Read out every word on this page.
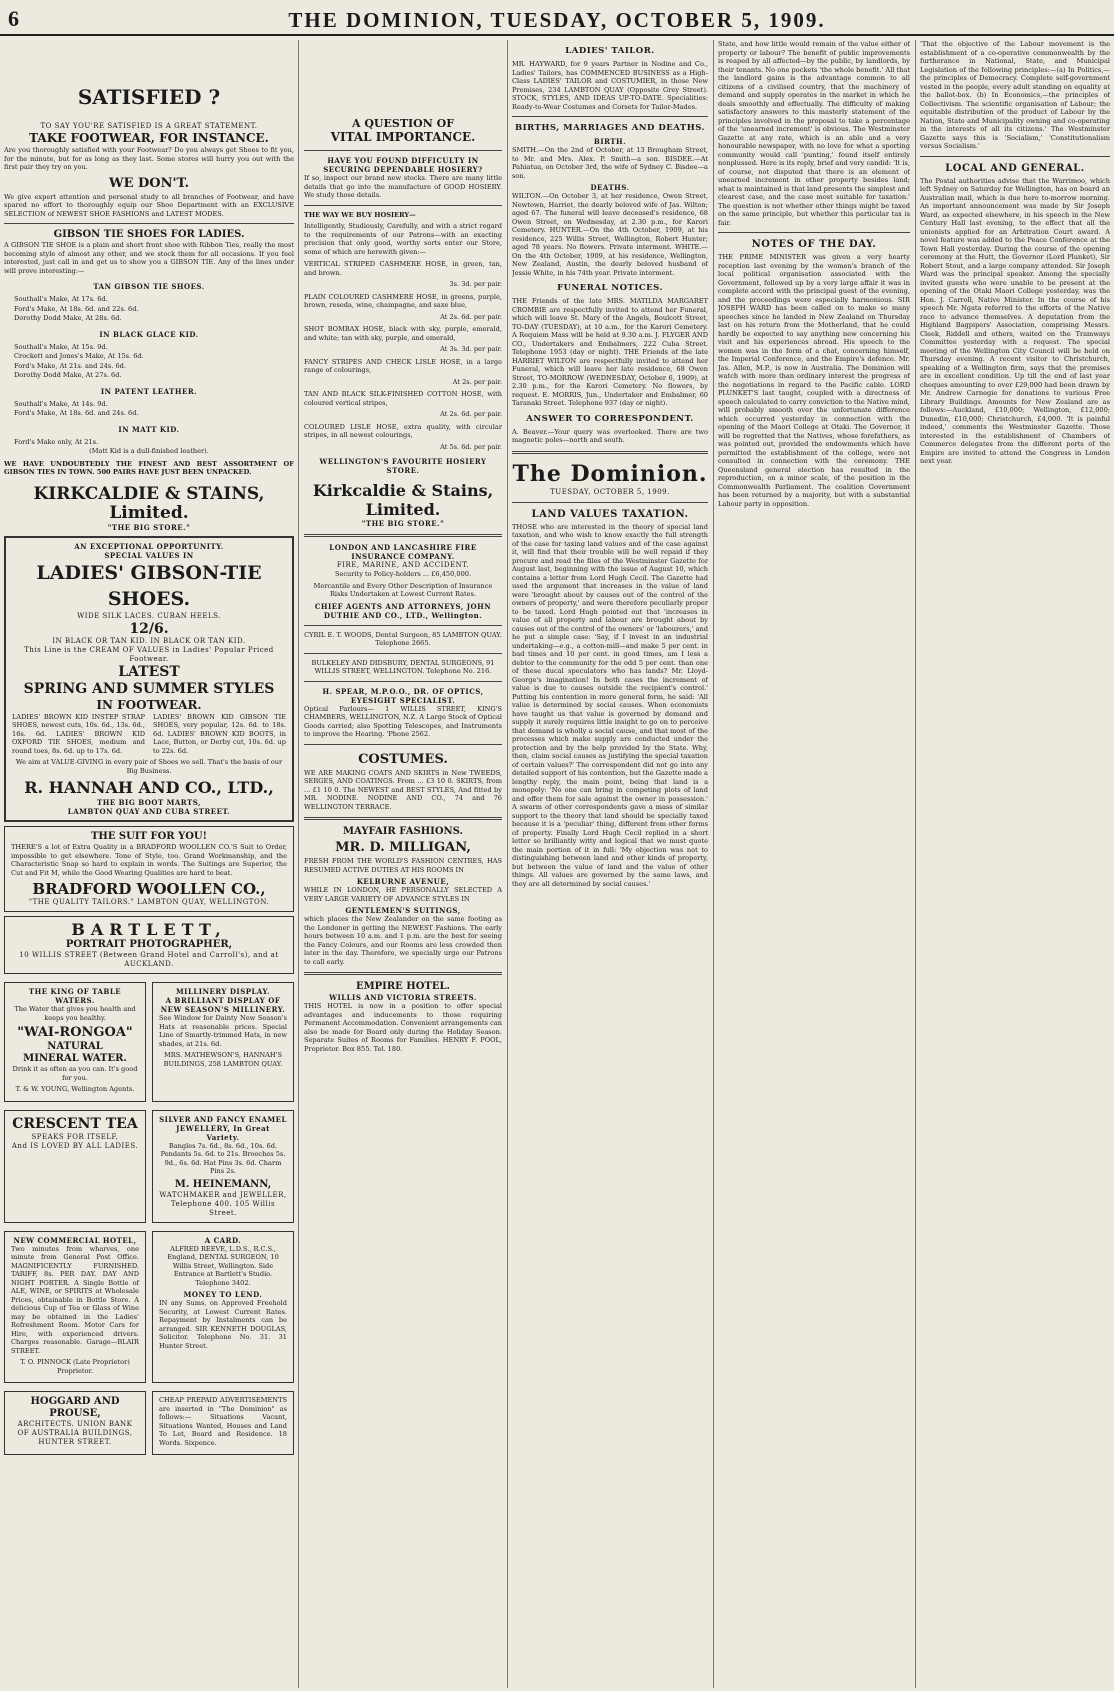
6	THE DOMINION, TUESDAY, OCTOBER 5, 1909.
SATISFIED ?
TO SAY YOU'RE SATISFIED IS A GREAT STATEMENT.
TAKE FOOTWEAR, FOR INSTANCE.

Are you thoroughly satisfied with your Footwear? Do you always get Shoes to fit you, for the minute, but for as long as they last. Some stores will hurry you out with the first pair they try on you.

WE DON'T.

We give expert attention and personal study to all branches of Footwear, and have spared no effort to thoroughly equip our Shoe Department with an EXCLUSIVE SELECTION of NEWEST SHOE FASHIONS and LATEST MODES.

GIBSON TIE SHOES FOR LADIES.

A GIBSON TIE SHOE is a plain and short front shoe with Ribbon Ties, really the most becoming style of almost any other, and we stock them for all occasions. If you feel interested, just call in and get us to show you a GIBSON TIE. Any of the lines under will prove interesting:—

TAN GIBSON TIE SHOES.
Southall's Make, At 17s. 6d.
Ford's Make, At 18s. 6d. and 22s. 6d.
Dorothy Dodd Make, At 28s. 6d.
IN BLACK GLACE KID.
Southall's Make, At 15s. 9d.
Crockett and Jones's Make, At 15s. 6d.
Ford's Make, At 21s. and 24s. 6d.
Dorothy Dodd Make, At 27s. 6d.
IN PATENT LEATHER.
Southall's Make, At 14s. 9d.
Ford's Make, At 18s. 6d. and 24s. 6d.
IN MATT KID.
Ford's Make only, At 21s.
(Matt Kid is a dull-finished leather).

WE HAVE UNDOUBTEDLY THE FINEST AND BEST ASSORTMENT OF GIBSON TIES IN TOWN. 500 PAIRS HAVE JUST BEEN UNPACKED.

KIRKCALDIE & STAINS, Limited.
"THE BIG STORE."
AN EXCEPTIONAL OPPORTUNITY.
SPECIAL VALUES IN
LADIES' GIBSON-TIE SHOES.
WIDE SILK LACES. CUBAN HEELS.
12/6.
IN BLACK OR TAN KID. IN BLACK OR TAN KID.
This Line is the CREAM OF VALUES in Ladies' Popular Priced Footwear.
LATEST
SPRING AND SUMMER STYLES
IN FOOTWEAR.

LADIES' BROWN KID INSTEP STRAP SHOES, newest cuts, 10s. 6d., 13s. 6d., 16s. 6d. LADIES' BROWN KID OXFORD TIE SHOES, medium and round toes, 8s. 6d. up to 17s. 6d.

LADIES' BROWN KID GIBSON TIE SHOES, very popular, 12s. 6d. to 18s. 6d. LADIES' BROWN KID BOOTS, in Lace, Button, or Derby cut, 10s. 6d. up to 22s. 6d.

We aim at VALUE-GIVING in every pair of Shoes we sell. That's the basis of our Big Business.

R. HANNAH AND CO., LTD.,
THE BIG BOOT MARTS,
LAMBTON QUAY AND CUBA STREET.
THE SUIT FOR YOU!

THERE'S a lot of Extra Quality in a BRADFORD WOOLLEN CO.'S Suit to Order, impossible to get elsewhere. Tone of Style, too. Grand Workmanship, and the Characteristic Snap so hard to explain in words. The Suitings are Superior, the Cut and Fit M, while the Good Wearing Qualities are hard to beat.

BRADFORD WOOLLEN CO.,
"THE QUALITY TAILORS." LAMBTON QUAY, WELLINGTON.
BARTLETT,
PORTRAIT PHOTOGRAPHER,
10 WILLIS STREET (Between Grand Hotel and Carroll's), and at AUCKLAND.
THE KING OF TABLE WATERS.

The Water that gives you health and keeps you healthy.

"WAI-RONGOA"
NATURAL
MINERAL WATER.

Drink it as often as you can. It's good for you.

T. & W. YOUNG, Wellington Agents.

MILLINERY DISPLAY.
A BRILLIANT DISPLAY OF NEW SEASON'S MILLINERY.

See Window for Dainty New Season's Hats at reasonable prices. Special Line of Smartly-trimmed Hats, in new shades, at 21s. 6d.

MRS. MATHEWSON'S, HANNAH'S BUILDINGS, 258 LAMBTON QUAY.

CRESCENT TEA
SPEAKS FOR ITSELF,
And IS LOVED BY ALL LADIES.
SILVER AND FANCY ENAMEL JEWELLERY, In Great Variety.

Bangles 7s. 6d., 8s. 6d., 10s. 6d. Pendants 5s. 6d. to 21s. Brooches 5s. 9d., 6s. 6d. Hat Pins 3s. 6d. Charm Pins 2s.

M. HEINEMANN,
WATCHMAKER and JEWELLER, Telephone 400. 105 Willis Street.
NEW COMMERCIAL HOTEL,

Two minutes from wharves, one minute from General Post Office. MAGNIFICENTLY FURNISHED. TARIFF, 8s. PER DAY. DAY AND NIGHT PORTER. A Single Bottle of ALE, WINE, or SPIRITS at Wholesale Prices, obtainable in Bottle Store. A delicious Cup of Tea or Glass of Wine may be obtained in the Ladies' Refreshment Room. Motor Cars for Hire, with experienced drivers. Charges reasonable. Garage—BLAIR STREET.

T. O. PINNOCK (Late Proprietor) Proprietor.

A CARD.

ALFRED REEVE, L.D.S., R.C.S., England, DENTAL SURGEON, 10 Willis Street, Wellington. Side Entrance at Bartlett's Studio. Telephone 3402.

MONEY TO LEND.

IN any Sums, on Approved Freehold Security, at Lowest Current Rates. Repayment by Instalments can be arranged. SIR KENNETH DOUGLAS, Solicitor. Telephone No. 31. 31 Hunter Street.

HOGGARD AND PROUSE,
ARCHITECTS. UNION BANK OF AUSTRALIA BUILDINGS, HUNTER STREET.

CHEAP PREPAID ADVERTISEMENTS are inserted in "The Dominion" as follows:— Situations Vacant, Situations Wanted, Houses and Land To Let, Board and Residence. 18 Words. Sixpence.

A QUESTION OF
VITAL IMPORTANCE.
HAVE YOU FOUND DIFFICULTY IN SECURING DEPENDABLE HOSIERY?

If so, inspect our brand new stocks. There are many little details that go into the manufacture of GOOD HOSIERY. We study those details.

THE WAY WE BUY HOSIERY—

Intelligently, Studiously, Carefully, and with a strict regard to the requirements of our Patrons—with an exacting precision that only good, worthy sorts enter our Store, some of which are herewith given:—

VERTICAL STRIPED CASHMERE HOSE, in green, tan, and brown.

3s. 3d. per pair.

PLAIN COLOURED CASHMERE HOSE, in greens, purple, brown, reseda, wine, champagne, and saxe blue,

At 2s. 6d. per pair.

SHOT BOMBAX HOSE, black with sky, purple, emerald, and white; tan with sky, purple, and emerald,

At 3s. 3d. per pair.

FANCY STRIPES AND CHECK LISLE HOSE, in a large range of colourings,

At 2s. per pair.

TAN AND BLACK SILK-FINISHED COTTON HOSE, with coloured vertical stripes,

At 2s. 6d. per pair.

COLOURED LISLE HOSE, extra quality, with circular stripes, in all newest colourings,

At 5s. 6d. per pair.

WELLINGTON'S FAVOURITE HOSIERY STORE.
Kirkcaldie & Stains, Limited.
"THE BIG STORE."
LONDON AND LANCASHIRE FIRE INSURANCE COMPANY.
FIRE, MARINE, AND ACCIDENT.

Security to Policy-holders ... £6,450,000.

Mercantile and Every Other Description of Insurance Risks Undertaken at Lowest Current Rates.

CHIEF AGENTS AND ATTORNEYS, JOHN DUTHIE AND CO., LTD., Wellington.

CYRIL E. T. WOODS, Dental Surgeon, 85 LAMBTON QUAY. Telephone 2665.

BULKELEY AND DIDSBURY, DENTAL SURGEONS, 91 WILLIS STREET, WELLINGTON. Telephone No. 216.

H. SPEAR, M.P.O.O., DR. OF OPTICS, EYESIGHT SPECIALIST.

Optical Parlours— 1 WILLIS STREET, KING'S CHAMBERS, WELLINGTON, N.Z. A Large Stock of Optical Goods carried; also Spotting Telescopes, and Instruments to improve the Hearing. 'Phone 2562.

COSTUMES.

WE ARE MAKING COATS AND SKIRTS in New TWEEDS, SERGES, AND COATINGS. From ... £3 10 0. SKIRTS, from ... £1 10 0. The NEWEST and BEST STYLES, And fitted by MR. NODINE. NODINE AND CO., 74 and 76 WELLINGTON TERRACE.

MAYFAIR FASHIONS.
MR. D. MILLIGAN,

FRESH FROM THE WORLD'S FASHION CENTRES, HAS RESUMED ACTIVE DUTIES AT HIS ROOMS IN

KELBURNE AVENUE,

WHILE IN LONDON, HE PERSONALLY SELECTED A VERY LARGE VARIETY OF ADVANCE STYLES IN

GENTLEMEN'S SUITINGS,

which places the New Zealander on the same footing as the Londoner in getting the NEWEST Fashions. The early hours between 10 a.m. and 1 p.m. are the best for seeing the Fancy Colours, and our Rooms are less crowded then later in the day. Therefore, we specially urge our Patrons to call early.

EMPIRE HOTEL.
WILLIS AND VICTORIA STREETS.

THIS HOTEL is now in a position to offer special advantages and inducements to those requiring Permanent Accommodation. Convenient arrangements can also be made for Board only during the Holiday Season. Separate Suites of Rooms for Families. HENRY F. POOL, Proprietor. Box 855. Tel. 180.

LADIES' TAILOR.

MR. HAYWARD, for 9 years Partner in Nodine and Co., Ladies' Tailors, has COMMENCED BUSINESS as a High-Class LADIES' TAILOR and COSTUMIER, in those New Premises, 234 LAMBTON QUAY (Opposite Grey Street). STOCK, STYLES, AND IDEAS UP-TO-DATE. Specialities: Ready-to-Wear Costumes and Corsets for Tailor-Mades.

BIRTHS, MARRIAGES AND DEATHS.
BIRTH.

SMITH.—On the 2nd of October, at 13 Brougham Street, to Mr. and Mrs. Alex. P. Smith—a son. BISDEE.—At Pahiatua, on October 3rd, the wife of Sydney C. Bisdee—a son.

DEATHS.

WILTON.—On October 3, at her residence, Owen Street, Newtown, Harriet, the dearly beloved wife of Jas. Wilton; aged 67. The funeral will leave deceased's residence, 68 Owen Street, on Wednesday, at 2.30 p.m., for Karori Cemetery. HUNTER.—On the 4th October, 1909, at his residence, 225 Willis Street, Wellington, Robert Hunter; aged 78 years. No flowers. Private interment. WHITE.—On the 4th October, 1909, at his residence, Wellington, New Zealand, Austin, the dearly beloved husband of Jessie White, in his 74th year. Private interment.

FUNERAL NOTICES.

THE Friends of the late MRS. MATILDA MARGARET CROMBIE are respectfully invited to attend her Funeral, which will leave St. Mary of the Angels, Boulcott Street, TO-DAY (TUESDAY), at 10 a.m., for the Karori Cemetery. A Requiem Mass will be held at 9.30 a.m. J. FLYGER AND CO., Undertakers and Embalmers, 222 Cuba Street. Telephone 1953 (day or night). THE Friends of the late HARRIET WILTON are respectfully invited to attend her Funeral, which will leave her late residence, 68 Owen Street, TO-MORROW (WEDNESDAY, October 6, 1909), at 2.30 p.m., for the Karori Cemetery. No flowers, by request. E. MORRIS, Jun., Undertaker and Embalmer, 60 Taranaki Street. Telephone 937 (day or night).

ANSWER TO CORRESPONDENT.

A. Beaver.—Your query was overlooked. There are two magnetic poles—north and south.

The Dominion.
TUESDAY, OCTOBER 5, 1909.
LAND VALUES TAXATION.

THOSE who are interested in the theory of special land taxation, and who wish to know exactly the full strength of the case for taxing land values and of the case against it, will find that their trouble will be well repaid if they procure and read the files of the Westminster Gazette for August last, beginning with the issue of August 10, which contains a letter from Lord Hugh Cecil. The Gazette had used the argument that increases in the value of land were 'brought about by causes out of the control of the owners of property,' and were therefore peculiarly proper to be taxed. Lord Hugh pointed out that 'increases in value of all property and labour are brought about by causes out of the control of the owners' or 'labourers,' and he put a simple case: 'Say, if I invest in an industrial undertaking—e.g., a cotton-mill—and make 5 per cent. in bad times and 10 per cent. in good times, am I less a debtor to the community for the odd 5 per cent. than one of these ducal speculators who has lands? Mr. Lloyd-George's imagination! In both cases the increment of value is due to causes outside the recipient's control.' Putting his contention in more general form, he said: 'All value is determined by social causes. When economists have taught us that value is governed by demand and supply it surely requires little insight to go on to perceive that demand is wholly a social cause, and that most of the processes which make supply are conducted under the protection and by the help provided by the State. Why, then, claim social causes as justifying the special taxation of certain values?' The correspondent did not go into any detailed support of his contention, but the Gazette made a lengthy reply, the main point, being that land is a monopoly: 'No one can bring in competing plots of land and offer them for sale against the owner in possession.' A swarm of other correspondents gave a mass of similar support to the theory that land should be specially taxed because it is a 'peculiar' thing, different from other forms of property. Finally Lord Hugh Cecil replied in a short letter so brilliantly witty and logical that we must quote the main portion of it in full: 'My objection was not to distinguishing between land and other kinds of property, but between the value of land and the value of other things. All values are governed by the same laws, and they are all determined by social causes.'

State, and how little would remain of the value either of property or labour? The benefit of public improvements is reaped by all affected—by the public, by landlords, by their tenants. No one pockets 'the whole benefit.' All that the landlord gains is the advantage common to all citizens of a civilised country, that the machinery of demand and supply operates in the market in which he deals smoothly and effectually. The difficulty of making satisfactory answers to this masterly statement of the principles involved in the proposal to take a percentage of the 'unearned increment' is obvious. The Westminster Gazette at any rate, which is an able and a very honourable newspaper, with no love for what a sporting community would call 'punting,' found itself entirely nonplussed. Here is its reply, brief and very candid: 'It is, of course, not disputed that there is an element of unearned increment in other property besides land; what is maintained is that land presents the simplest and clearest case, and the case most suitable for taxation.' The question is not whether other things might be taxed on the same principle, but whether this particular tax is fair.

NOTES OF THE DAY.

THE PRIME MINISTER was given a very hearty reception last evening by the women's branch of the local political organisation associated with the Government, followed up by a very large affair it was in complete accord with the principal guest of the evening, and the proceedings were especially harmonious. SIR JOSEPH WARD has been called on to make so many speeches since he landed in New Zealand on Thursday last on his return from the Motherland, that he could hardly be expected to say anything new concerning his visit and his experiences abroad. His speech to the women was in the form of a chat, concerning himself, the Imperial Conference, and the Empire's defence. Mr. Jas. Allen, M.P., is now in Australia. The Dominion will watch with more than ordinary interest the progress of the negotiations in regard to the Pacific cable. LORD PLUNKET'S last taught, coupled with a directness of speech calculated to carry conviction to the Native mind, will probably smooth over the unfortunate difference which occurred yesterday in connection with the opening of the Maori College at Otaki. The Governor, it will be regretted that the Natives, whose forefathers, as was pointed out, provided the endowments which have permitted the establishment of the college, were not consulted in connection with the ceremony. THE Queensland general election has resulted in the reproduction, on a minor scale, of the position in the Commonwealth Parliament. The coalition Government has been returned by a majority, but with a substantial Labour party in opposition.

'That the objective of the Labour movement is the establishment of a co-operative commonwealth by the furtherance in National, State, and Municipal Legislation of the following principles:—(a) In Politics,—the principles of Democracy. Complete self-government vested in the people, every adult standing on equality at the ballot-box. (b) In Economics,—the principles of Collectivism. The scientific organisation of Labour; the equitable distribution of the product of Labour by the Nation, State and Municipality owning and co-operating in the interests of all its citizens.' The Westminster Gazette says this is 'Socialism,' 'Constitutionalism versus Socialism.'

LOCAL AND GENERAL.

The Postal authorities advise that the Warrimoo, which left Sydney on Saturday for Wellington, has on board an Australian mail, which is due here to-morrow morning. An important announcement was made by Sir Joseph Ward, as expected elsewhere, in his speech in the New Century Hall last evening, to the effect that all the unionists applied for an Arbitration Court award. A novel feature was added to the Peace Conference at the Town Hall yesterday. During the course of the opening ceremony at the Hutt, the Governor (Lord Plunket), Sir Robert Stout, and a large company attended. Sir Joseph Ward was the principal speaker. Among the specially invited guests who were unable to be present at the opening of the Otaki Maori College yesterday, was the Hon. J. Carroll, Native Minister. In the course of his speech Mr. Ngata referred to the efforts of the Native race to advance themselves. A deputation from the Highland Bagpipers' Association, comprising Messrs. Cleek, Riddell and others, waited on the Tramways Committee yesterday with a request. The special meeting of the Wellington City Council will be held on Thursday evening. A recent visitor to Christchurch, speaking of a Wellington firm, says that the premises are in excellent condition. Up till the end of last year cheques amounting to over £29,000 had been drawn by Mr. Andrew Carnegie for donations to various Free Library Buildings. Amounts for New Zealand are as follows:—Auckland, £10,000; Wellington, £12,000; Dunedin, £10,000; Christchurch, £4,000. 'It is painful indeed,' comments the Westminster Gazette. Those interested in the establishment of Chambers of Commerce delegates from the different ports of the Empire are invited to attend the Congress in London next year.
